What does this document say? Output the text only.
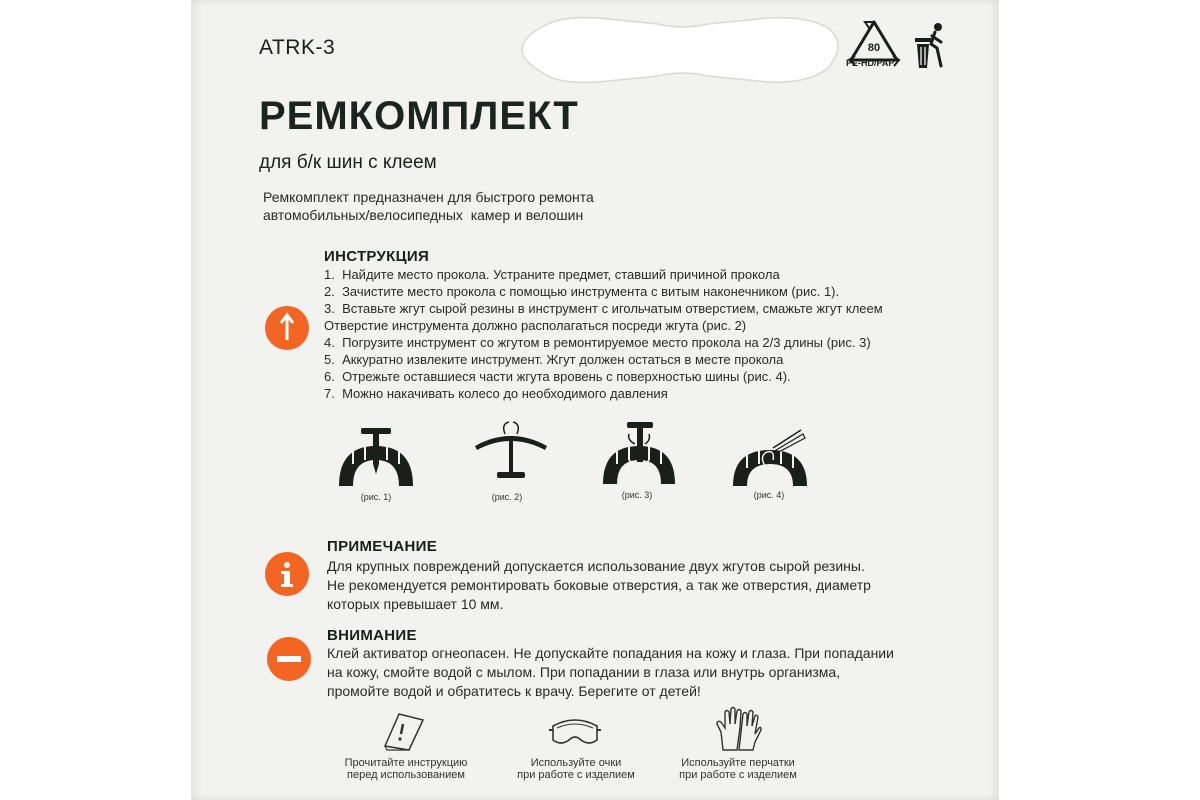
ATRK-3	80
PE-HD/PAP
РЕМКОМПЛЕКТ
для б/к шин с клеем
Ремкомплект предназначен для быстрого ремонта
автомобильных/велосипедных  камер и велошин
ИНСТРУКЦИЯ
1.  Найдите место прокола. Устраните предмет, ставший причиной прокола
2.  Зачистите место прокола с помощью инструмента с витым наконечником (рис. 1).
3.  Вставьте жгут сырой резины в инструмент с игольчатым отверстием, смажьте жгут клеем
Отверстие инструмента должно располагаться посреди жгута (рис. 2)
4.  Погрузите инструмент со жгутом в ремонтируемое место прокола на 2/3 длины (рис. 3)
5.  Аккуратно извлеките инструмент. Жгут должен остаться в месте прокола
6.  Отрежьте оставшиеся части жгута вровень с поверхностью шины (рис. 4).
7.  Можно накачивать колесо до необходимого давления
(рис. 1)	(рис. 2)	(рис. 3)	(рис. 4)
ПРИМЕЧАНИЕ
Для крупных повреждений допускается использование двух жгутов сырой резины.
Не рекомендуется ремонтировать боковые отверстия, а так же отверстия, диаметр
которых превышает 10 мм.
ВНИМАНИЕ
Клей активатор огнеопасен. Не допускайте попадания на кожу и глаза. При попадании
на кожу, смойте водой с мылом. При попадании в глаза или внутрь организма,
промойте водой и обратитесь к врачу. Берегите от детей!
Прочитайте инструкцию
перед использованием
Используйте очки
при работе с изделием
Используйте перчатки
при работе с изделием
